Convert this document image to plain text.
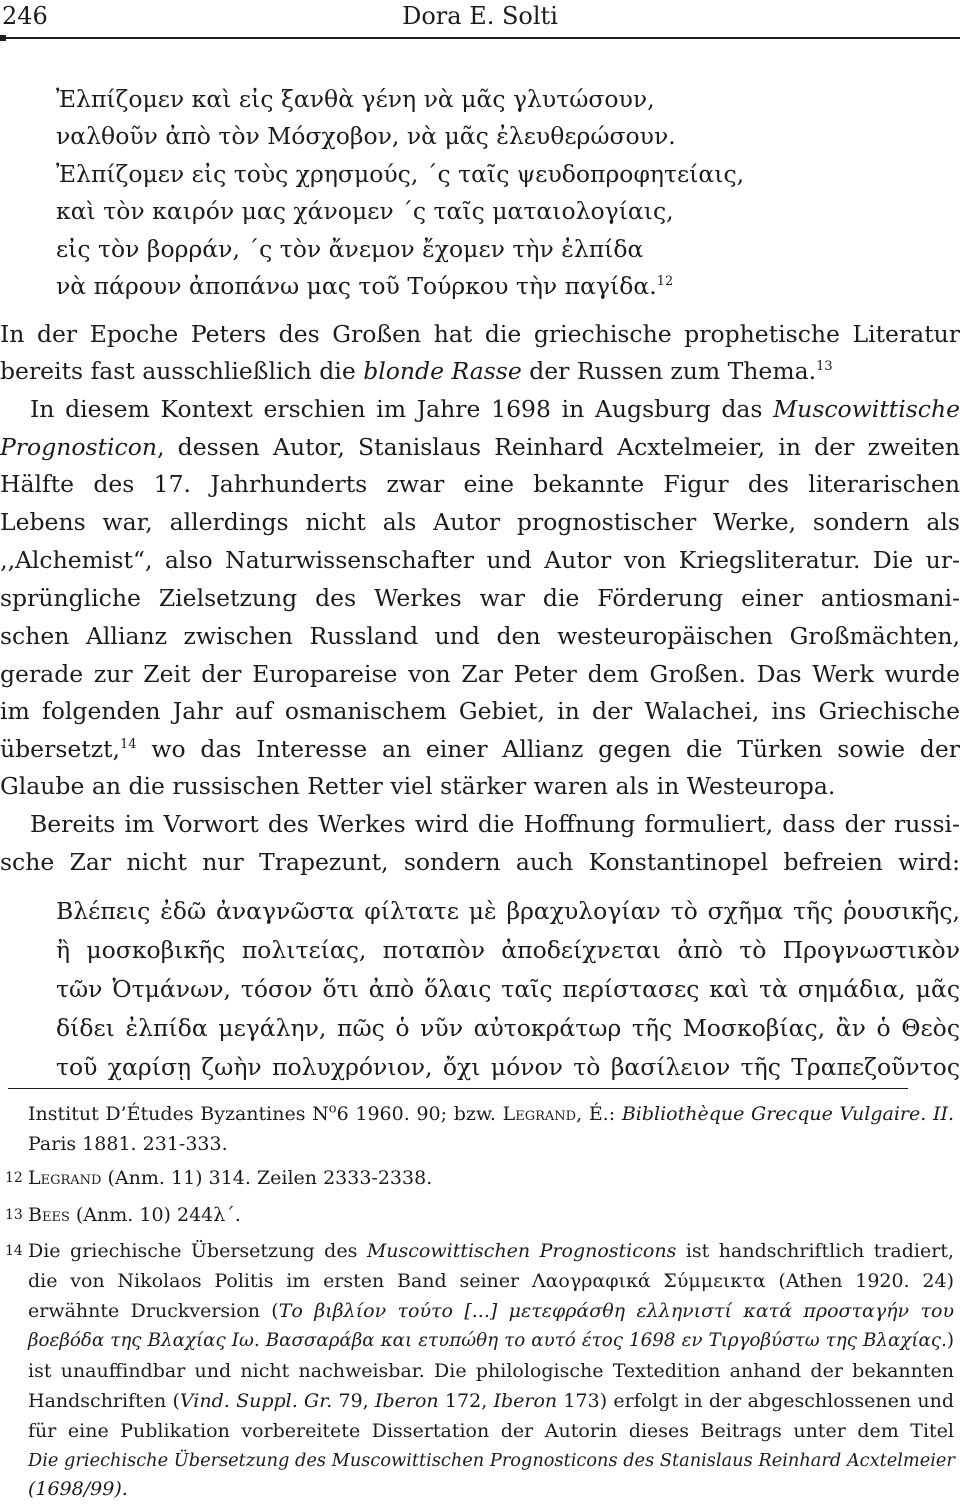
246	Dora E. Solti
Ἐλπίζομεν καὶ εἰς ξανθὰ γένη νὰ μᾶς γλυτώσουν,
ναλθοῦν ἀπὸ τὸν Μόσχοβον, νὰ μᾶς ἐλευθερώσουν.
Ἐλπίζομεν εἰς τοὺς χρησμούς, ΄ς ταῖς ψευδοπροφητείαις,
καὶ τὸν καιρόν μας χάνομεν ΄ς ταῖς ματαιολογίαις,
εἰς τὸν βορράν, ΄ς τὸν ἄνεμον ἔχομεν τὴν ἐλπίδα
νὰ πάρουν ἀποπάνω μας τοῦ Τούρκου τὴν παγίδα.$^{12}$
In der Epoche Peters des Großen hat die griechische prophetische Literatur
bereits fast ausschließlich die blonde Rasse der Russen zum Thema.$^{13}$
In diesem Kontext erschien im Jahre 1698 in Augsburg das Muscowittische
Prognosticon, dessen Autor, Stanislaus Reinhard Acxtelmeier, in der zweiten
Hälfte des 17. Jahrhunderts zwar eine bekannte Figur des literarischen
Lebens war, allerdings nicht als Autor prognostischer Werke, sondern als
‚‚Alchemist“, also Naturwissenschafter und Autor von Kriegsliteratur. Die ur-
sprüngliche Zielsetzung des Werkes war die Förderung einer antiosmani-
schen Allianz zwischen Russland und den westeuropäischen Großmächten,
gerade zur Zeit der Europareise von Zar Peter dem Großen. Das Werk wurde
im folgenden Jahr auf osmanischem Gebiet, in der Walachei, ins Griechische
übersetzt,$^{14}$ wo das Interesse an einer Allianz gegen die Türken sowie der
Glaube an die russischen Retter viel stärker waren als in Westeuropa.
Bereits im Vorwort des Werkes wird die Hoffnung formuliert, dass der russi-
sche Zar nicht nur Trapezunt, sondern auch Konstantinopel befreien wird:
Βλέπεις ἐδῶ ἀναγνῶστα φίλτατε μὲ βραχυλογίαν τὸ σχῆμα τῆς ῥουσικῆς,
ἢ μοσκοβικῆς πολιτείας, ποταπὸν ἀποδείχνεται ἀπὸ τὸ Προγνωστικὸν
τῶν Ὀτμάνων, τόσον ὅτι ἀπὸ ὅλαις ταῖς περίστασες καὶ τὰ σημάδια, μᾶς
δίδει ἐλπίδα μεγάλην, πῶς ὁ νῦν αὐτοκράτωρ τῆς Μοσκοβίας, ἂν ὁ Θεὸς
τοῦ χαρίσῃ ζωὴν πολυχρόνιον, ὄχι μόνον τὸ βασίλειον τῆς Τραπεζοῦντος
Institut D’Études Byzantines $N^o6$ 1960. 90; bzw. Legrand, É.: Bibliothèque Grecque Vulgaire. II.
Paris 1881. 231-333.
12 Legrand (Anm. 11) 314. Zeilen 2333-2338.
13 Bees (Anm. 10) 244λ΄.
14 Die griechische Übersetzung des Muscowittischen Prognosticons ist handschriftlich tradiert,
die von Nikolaos Politis im ersten Band seiner Λαογραφικά Σύμμεικτα (Athen 1920. 24)
erwähnte Druckversion (Το βιβλίον τούτο [...] μετεφράσθη ελληνιστί κατά προσταγήν του
βοεβόδα της Βλαχίας Ιω. Βασσαράβα και ετυπώθη το αυτό έτος 1698 εν Τιργοβύστω της Βλαχίας.)
ist unauffindbar und nicht nachweisbar. Die philologische Textedition anhand der bekannten
Handschriften (Vind. Suppl. Gr. 79, Iberon 172, Iberon 173) erfolgt in der abgeschlossenen und
für eine Publikation vorbereitete Dissertation der Autorin dieses Beitrags unter dem Titel
Die griechische Übersetzung des Muscowittischen Prognosticons des Stanislaus Reinhard Acxtelmeier
(1698/99).
